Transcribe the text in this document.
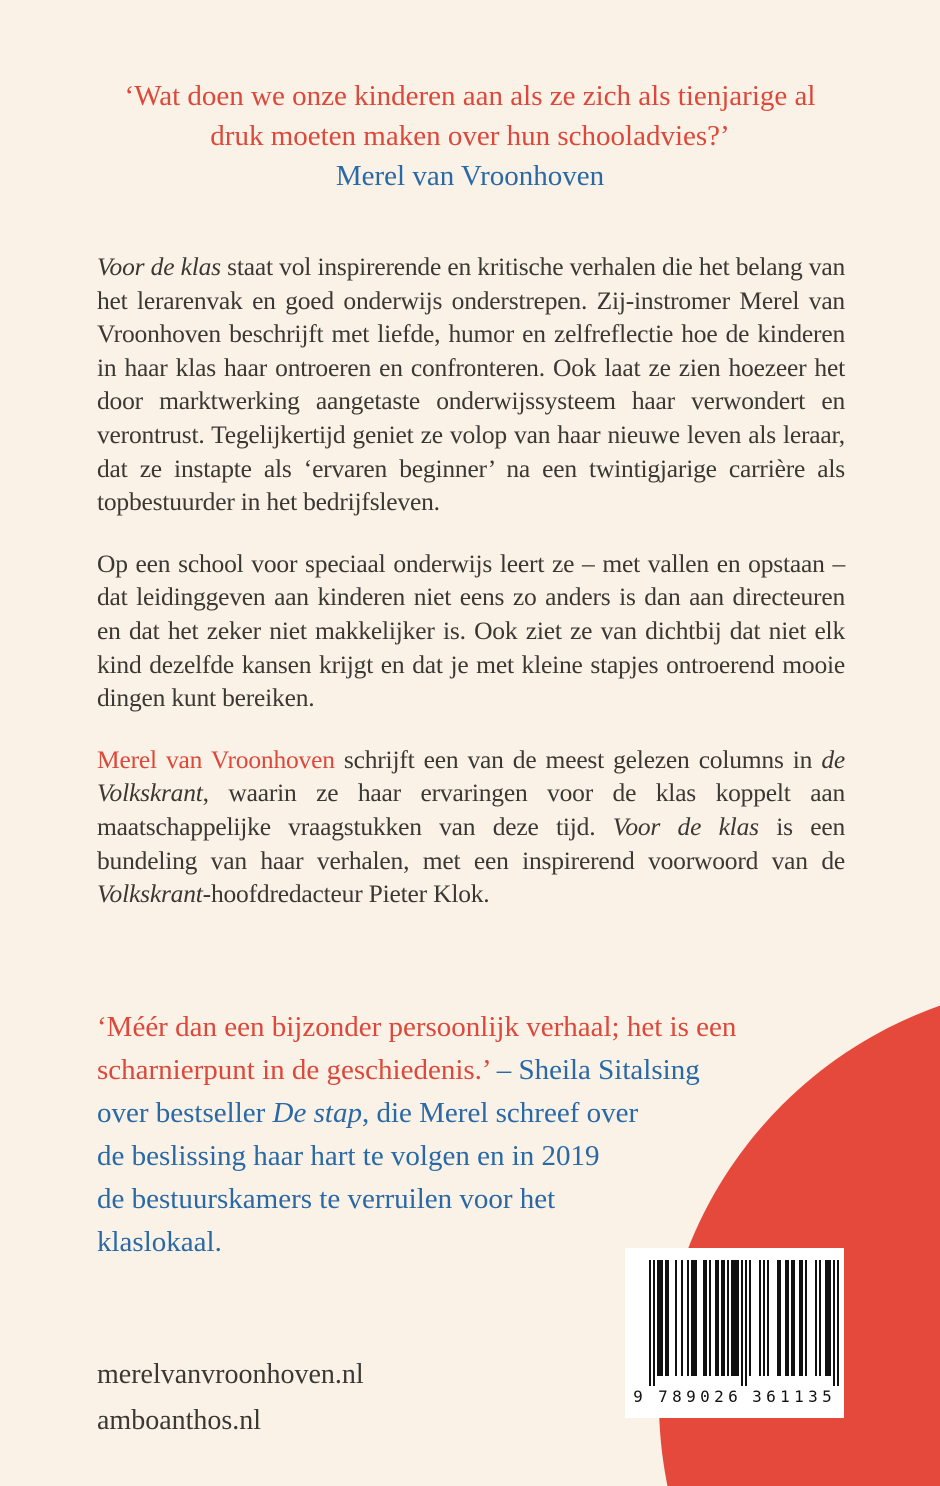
‘Wat doen we onze kinderen aan als ze zich als tienjarige al
druk moeten maken over hun schooladvies?’
Merel van Vroonhoven

Voor de klas staat vol inspirerende en kritische verhalen die het belang van het lerarenvak en goed onderwijs onderstrepen. Zij-instromer Merel van Vroonhoven beschrijft met liefde, humor en zelfreflectie hoe de kinderen in haar klas haar ontroeren en confronteren. Ook laat ze zien hoezeer het door marktwerking aangetaste onderwijssysteem haar verwondert en verontrust. Tegelijkertijd geniet ze volop van haar nieuwe leven als leraar, dat ze instapte als ‘ervaren beginner’ na een twintigjarige carrière als topbestuurder in het bedrijfsleven.

Op een school voor speciaal onderwijs leert ze – met vallen en opstaan – dat leidinggeven aan kinderen niet eens zo anders is dan aan directeuren en dat het zeker niet makkelijker is. Ook ziet ze van dichtbij dat niet elk kind dezelfde kansen krijgt en dat je met kleine stapjes ontroerend mooie dingen kunt bereiken.

Merel van Vroonhoven schrijft een van de meest gelezen columns in de Volkskrant, waarin ze haar ervaringen voor de klas koppelt aan maatschappelijke vraagstukken van deze tijd. Voor de klas is een bundeling van haar verhalen, met een inspirerend voorwoord van de Volkskrant-hoofdredacteur Pieter Klok.

‘Méér dan een bijzonder persoonlijk verhaal; het is een
scharnierpunt in de geschiedenis.’ – Sheila Sitalsing
over bestseller De stap, die Merel schreef over
de beslissing haar hart te volgen en in 2019
de bestuurskamers te verruilen voor het
klaslokaal.
9 7 8 9 0 2 6 3 6 1 1 3 5
merelvanvroonhoven.nl
amboanthos.nl
